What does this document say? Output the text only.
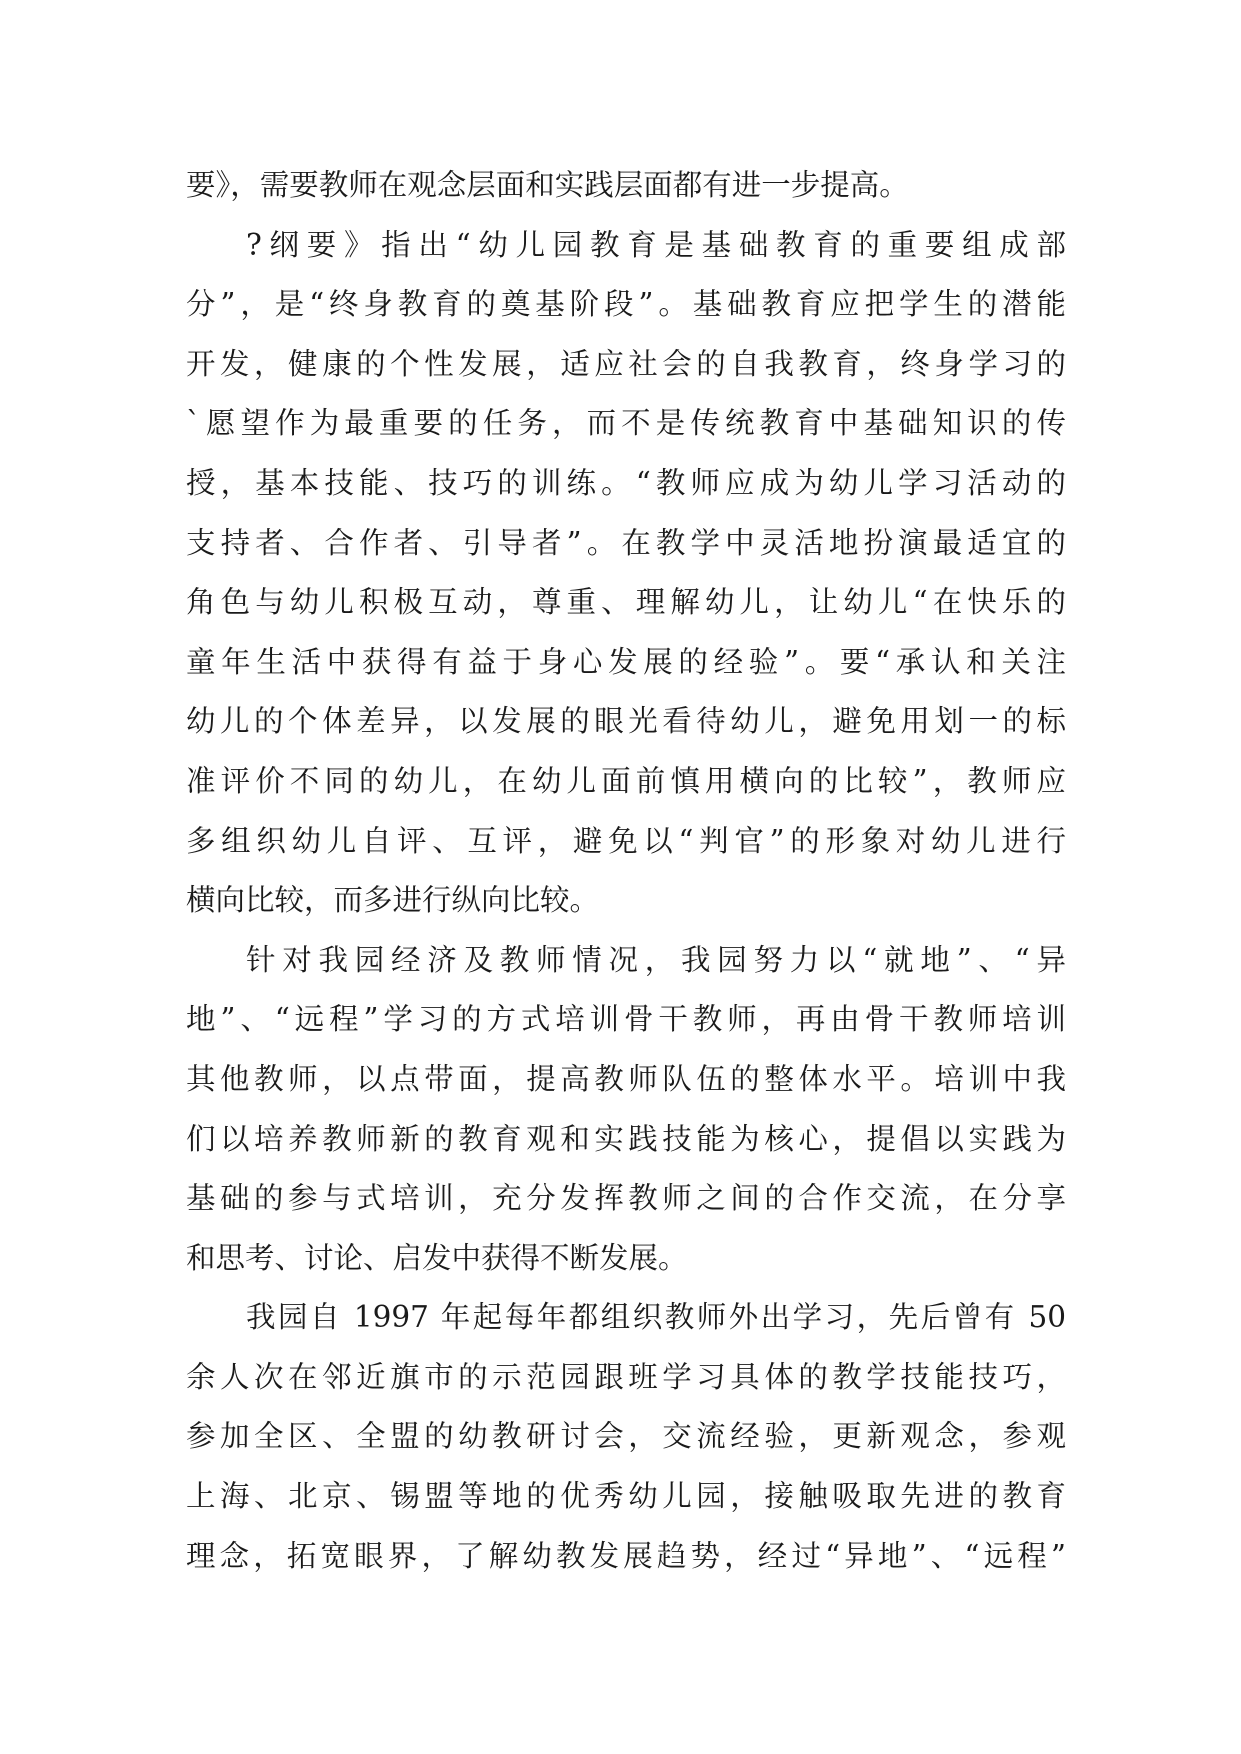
要》，需要教师在观念层面和实践层面都有进一步提高。
?纲要》指出“幼儿园教育是基础教育的重要组成部
分”，是“终身教育的奠基阶段”。基础教育应把学生的潜能
开发，健康的个性发展，适应社会的自我教育，终身学习的
`愿望作为最重要的任务，而不是传统教育中基础知识的传
授，基本技能、技巧的训练。“教师应成为幼儿学习活动的
支持者、合作者、引导者”。在教学中灵活地扮演最适宜的
角色与幼儿积极互动，尊重、理解幼儿，让幼儿“在快乐的
童年生活中获得有益于身心发展的经验”。要“承认和关注
幼儿的个体差异，以发展的眼光看待幼儿，避免用划一的标
准评价不同的幼儿，在幼儿面前慎用横向的比较”，教师应
多组织幼儿自评、互评，避免以“判官”的形象对幼儿进行
横向比较，而多进行纵向比较。
针对我园经济及教师情况，我园努力以“就地”、“异
地”、“远程”学习的方式培训骨干教师，再由骨干教师培训
其他教师，以点带面，提高教师队伍的整体水平。培训中我
们以培养教师新的教育观和实践技能为核心，提倡以实践为
基础的参与式培训，充分发挥教师之间的合作交流，在分享
和思考、讨论、启发中获得不断发展。
我园自 1997 年起每年都组织教师外出学习，先后曾有 50
余人次在邻近旗市的示范园跟班学习具体的教学技能技巧，
参加全区、全盟的幼教研讨会，交流经验，更新观念，参观
上海、北京、锡盟等地的优秀幼儿园，接触吸取先进的教育
理念，拓宽眼界，了解幼教发展趋势，经过“异地”、“远程”
